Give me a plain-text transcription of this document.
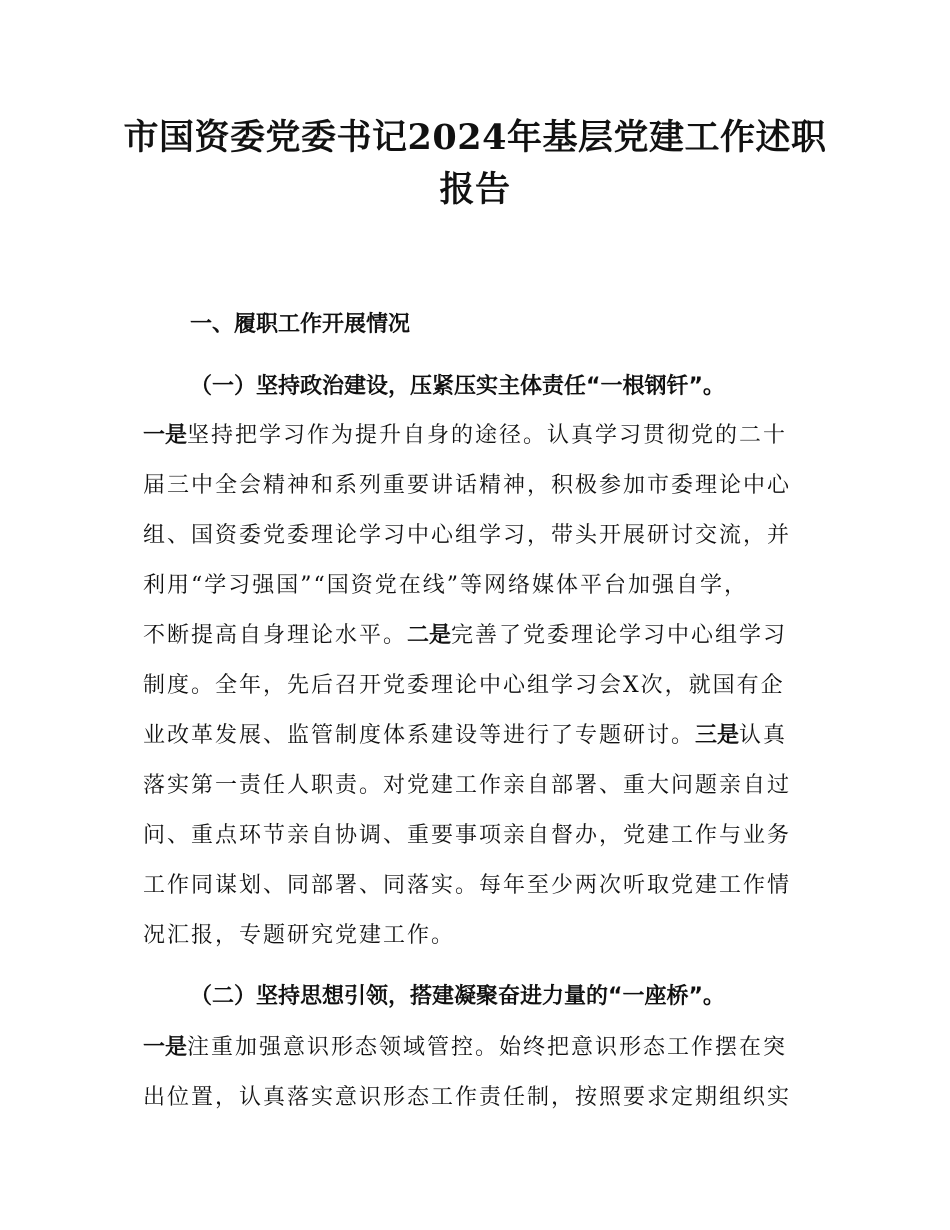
市国资委党委书记2024年基层党建工作述职
报告
一、履职工作开展情况
（一）坚持政治建设，压紧压实主体责任“一根钢钎”。
一是坚持把学习作为提升自身的途径。认真学习贯彻党的二十
届三中全会精神和系列重要讲话精神，积极参加市委理论中心
组、国资委党委理论学习中心组学习，带头开展研讨交流，并
利用“学习强国”“国资党在线”等网络媒体平台加强自学，
不断提高自身理论水平。二是完善了党委理论学习中心组学习
制度。全年，先后召开党委理论中心组学习会X次，就国有企
业改革发展、监管制度体系建设等进行了专题研讨。三是认真
落实第一责任人职责。对党建工作亲自部署、重大问题亲自过
问、重点环节亲自协调、重要事项亲自督办，党建工作与业务
工作同谋划、同部署、同落实。每年至少两次听取党建工作情
况汇报，专题研究党建工作。
（二）坚持思想引领，搭建凝聚奋进力量的“一座桥”。
一是注重加强意识形态领域管控。始终把意识形态工作摆在突
出位置，认真落实意识形态工作责任制，按照要求定期组织实
